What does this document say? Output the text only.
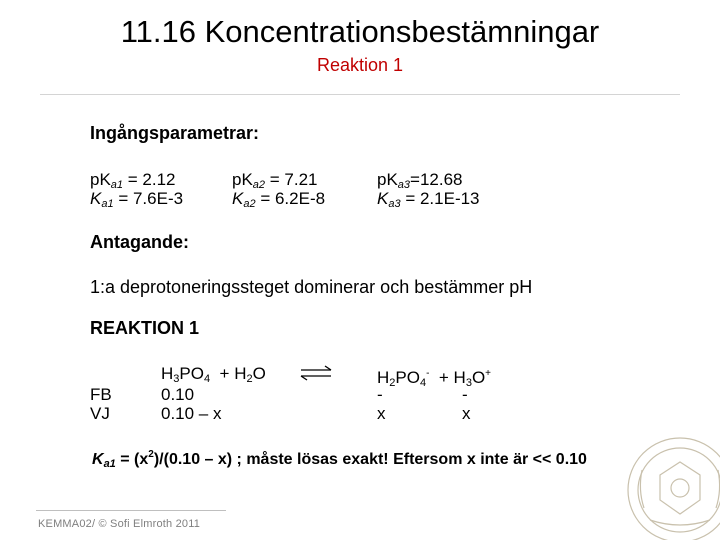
11.16 Koncentrationsbestämningar
Reaktion 1
Ingångsparametrar:
$pK_{a1} = 2.12$
$K_{a1} = 7.6E-3$
$pK_{a2} = 7.21$
$K_{a2} = 6.2E-8$
$pK_{a3}=12.68$
$K_{a3} = 2.1E-13$
Antagande:
1:a deprotoneringssteget dominerar och bestämmer pH
REAKTION 1
FB
VJ
$H_3PO_4 + H_2O$
0.10
0.10 – x
$H_2PO_4^- + H_3O^+$
-	-
x	x
$K_{a1} = (x^2)/(0.10 - x)$ ; måste lösas exakt! Eftersom x inte är << 0.10
KEMMA02/ © Sofi Elmroth 2011
